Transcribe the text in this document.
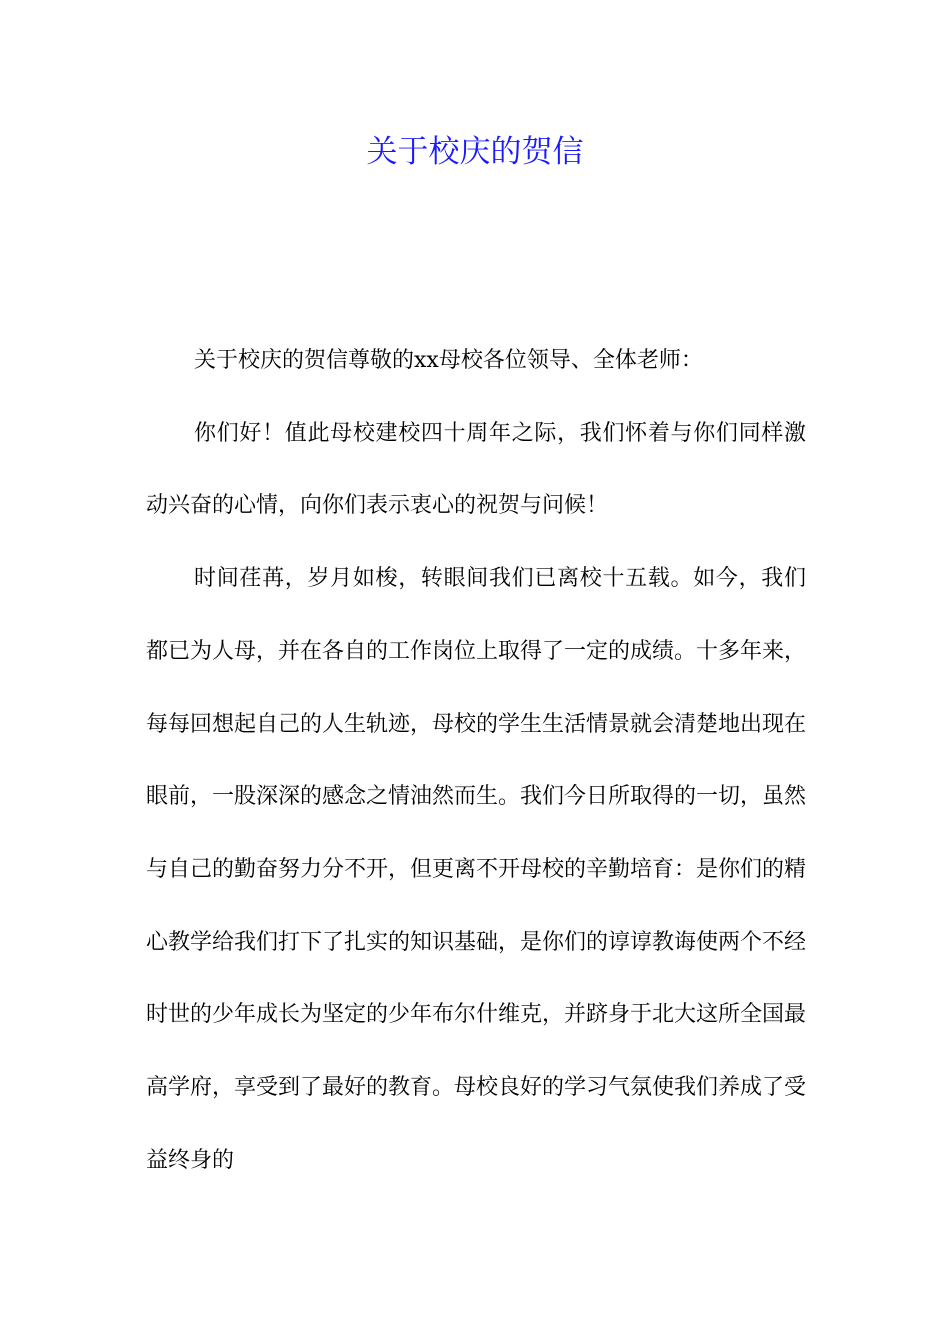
关于校庆的贺信

关于校庆的贺信尊敬的xx母校各位领导、全体老师：

你们好！值此母校建校四十周年之际，我们怀着与你们同样激动兴奋的心情，向你们表示衷心的祝贺与问候！

时间荏苒，岁月如梭，转眼间我们已离校十五载。如今，我们都已为人母，并在各自的工作岗位上取得了一定的成绩。十多年来，每每回想起自己的人生轨迹，母校的学生生活情景就会清楚地出现在眼前，一股深深的感念之情油然而生。我们今日所取得的一切，虽然与自己的勤奋努力分不开，但更离不开母校的辛勤培育：是你们的精心教学给我们打下了扎实的知识基础，是你们的谆谆教诲使两个不经时世的少年成长为坚定的少年布尔什维克，并跻身于北大这所全国最高学府，享受到了最好的教育。母校良好的学习气氛使我们养成了受益终身的
